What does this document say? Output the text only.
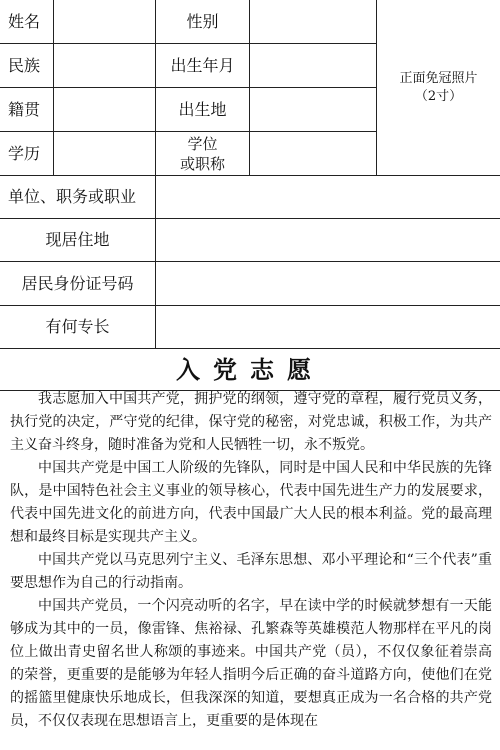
姓名	性别
民族	出生年月
籍贯	出生地
学历	学位
或职称
正面免冠照片
（2寸）
单位、职务或职业
现居住地
居民身份证号码
有何专长
入党志愿

我志愿加入中国共产党，拥护党的纲领，遵守党的章程，履行党员义务，执行党的决定，严守党的纪律，保守党的秘密，对党忠诚，积极工作，为共产主义奋斗终身，随时准备为党和人民牺牲一切，永不叛党。

中国共产党是中国工人阶级的先锋队，同时是中国人民和中华民族的先锋队，是中国特色社会主义事业的领导核心，代表中国先进生产力的发展要求，代表中国先进文化的前进方向，代表中国最广大人民的根本利益。党的最高理想和最终目标是实现共产主义。

中国共产党以马克思列宁主义、毛泽东思想、邓小平理论和“三个代表”重要思想作为自己的行动指南。

中国共产党员，一个闪亮动听的名字，早在读中学的时候就梦想有一天能够成为其中的一员，像雷锋、焦裕禄、孔繁森等英雄模范人物那样在平凡的岗位上做出青史留名世人称颂的事迹来。中国共产党（员），不仅仅象征着崇高的荣誉，更重要的是能够为年轻人指明今后正确的奋斗道路方向，使他们在党的摇篮里健康快乐地成长，但我深深的知道，要想真正成为一名合格的共产党员，不仅仅表现在思想语言上，更重要的是体现在
